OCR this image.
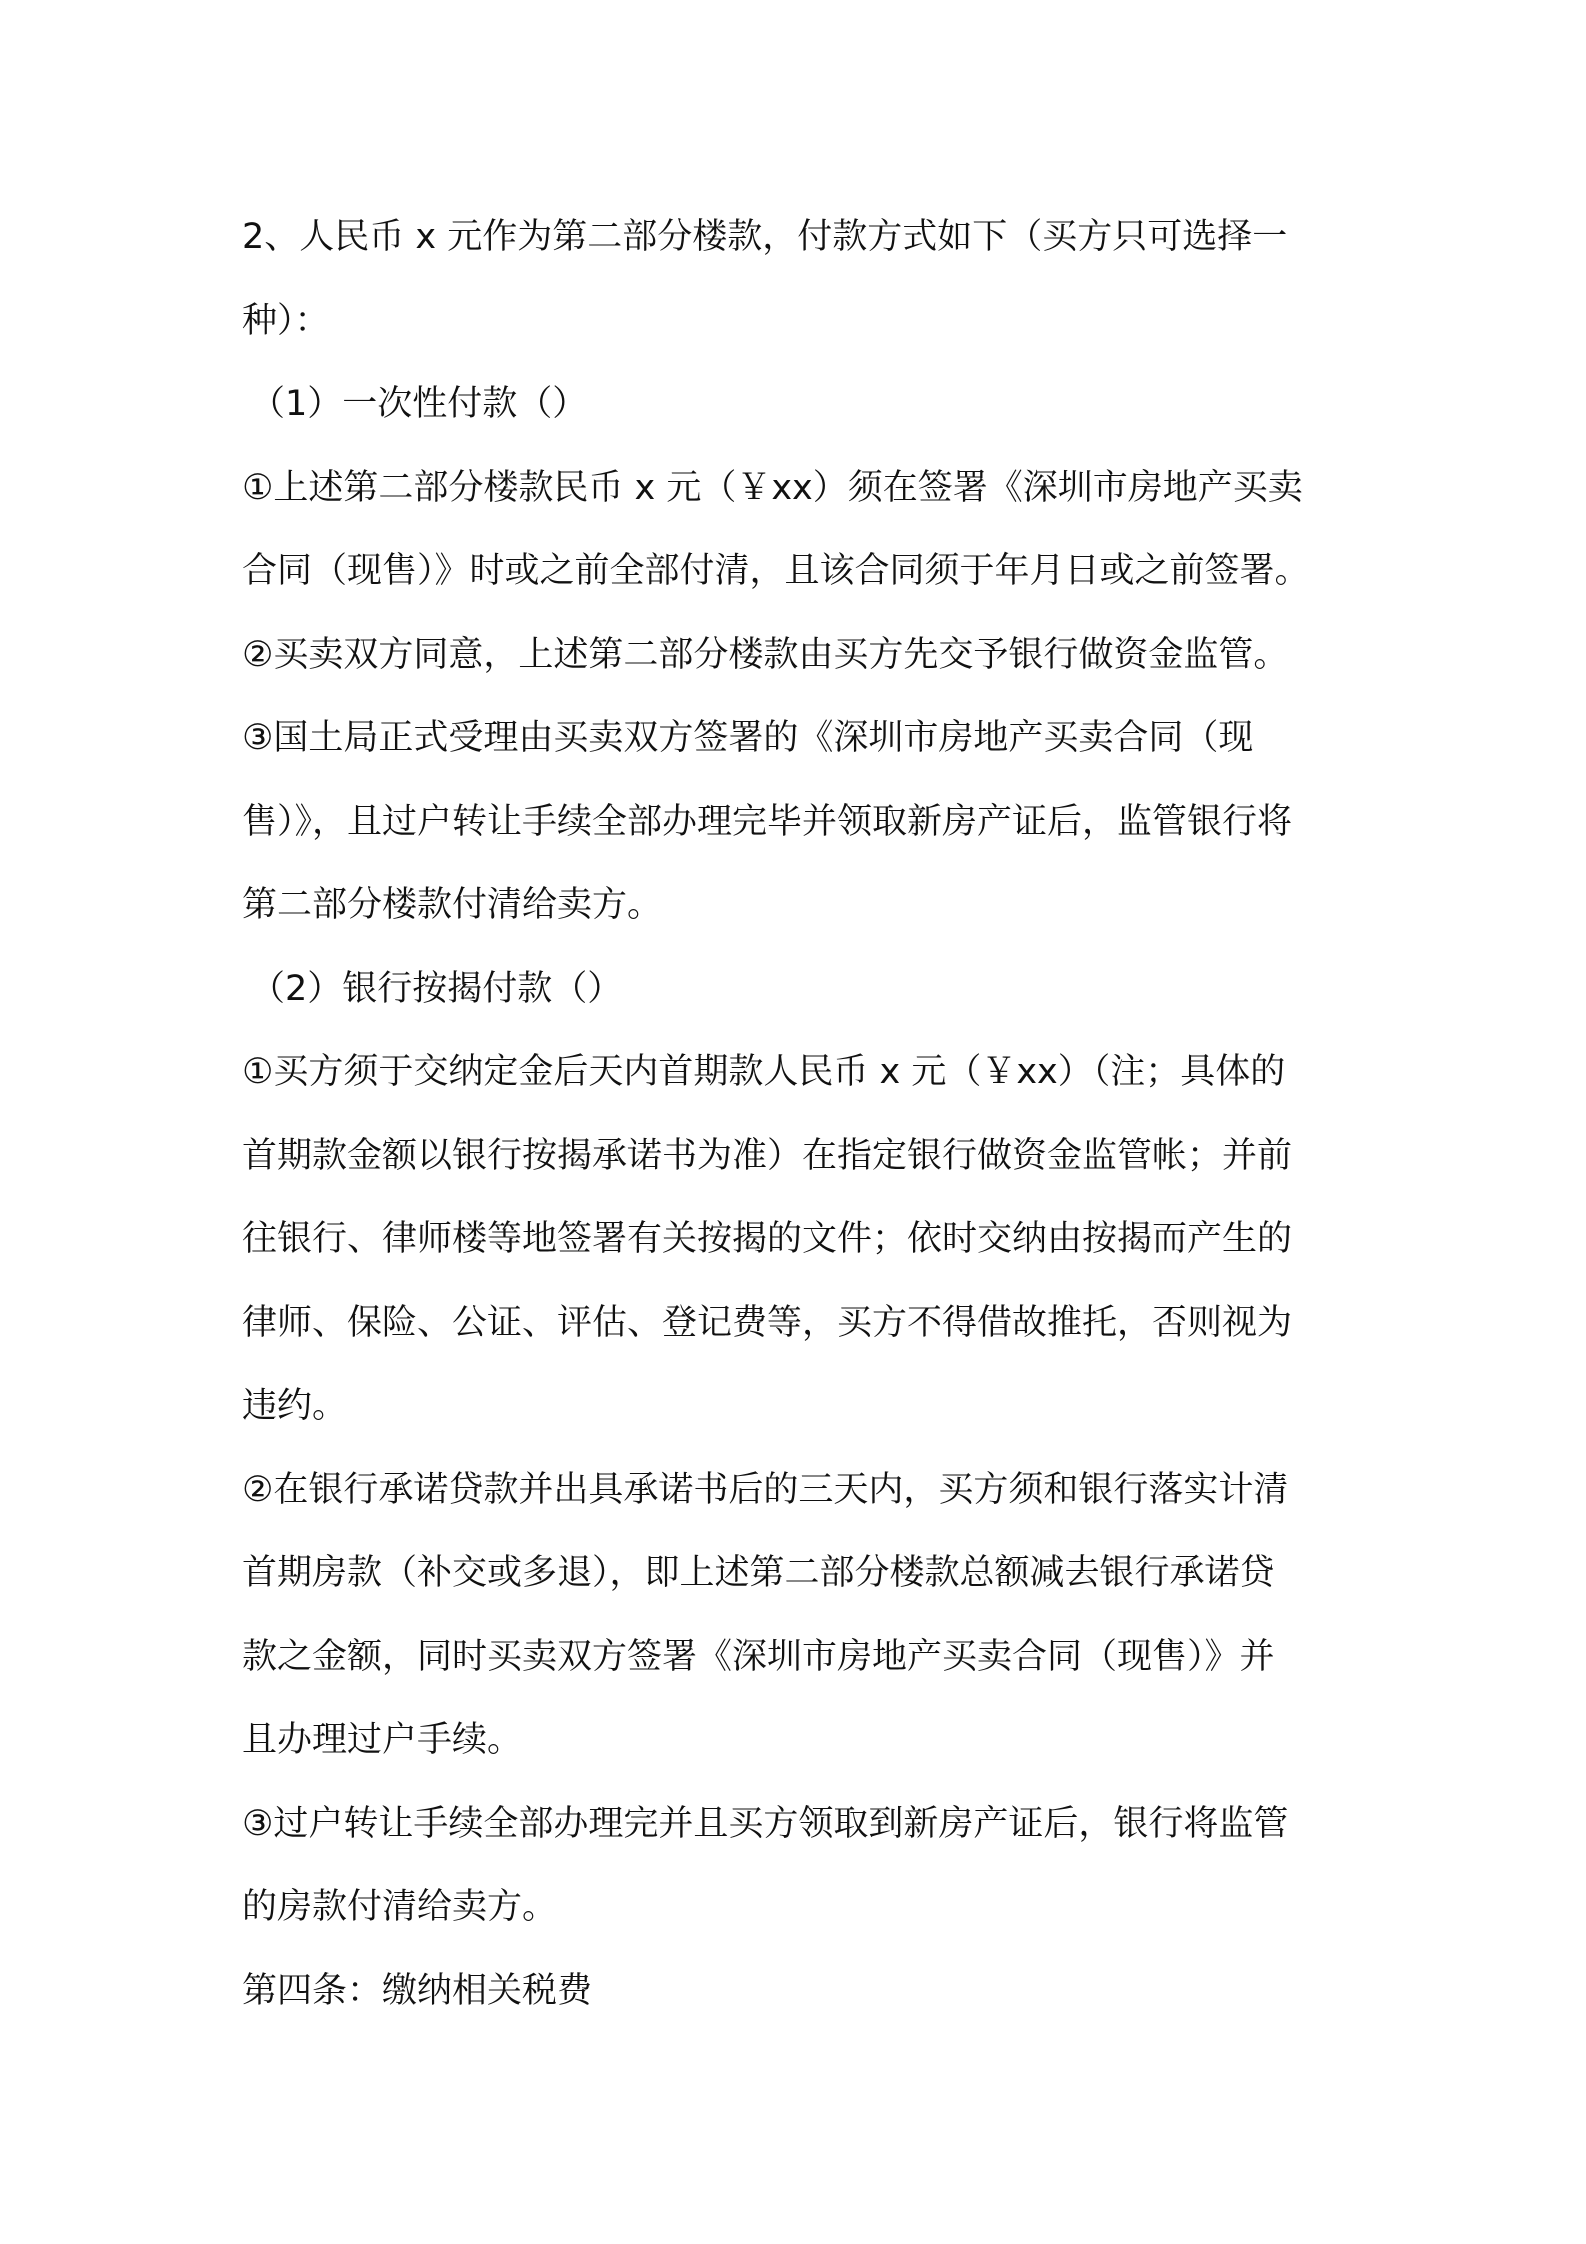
2、人民币 x 元作为第二部分楼款，付款方式如下（买方只可选择一

种）：

（1）一次性付款（）

①上述第二部分楼款民币 x 元（￥xx）须在签署《深圳市房地产买卖

合同（现售）》时或之前全部付清，且该合同须于年月日或之前签署。

②买卖双方同意，上述第二部分楼款由买方先交予银行做资金监管。

③国土局正式受理由买卖双方签署的《深圳市房地产买卖合同（现

售）》，且过户转让手续全部办理完毕并领取新房产证后，监管银行将

第二部分楼款付清给卖方。

（2）银行按揭付款（）

①买方须于交纳定金后天内首期款人民币 x 元（￥xx）（注；具体的

首期款金额以银行按揭承诺书为准）在指定银行做资金监管帐；并前

往银行、律师楼等地签署有关按揭的文件；依时交纳由按揭而产生的

律师、保险、公证、评估、登记费等，买方不得借故推托，否则视为

违约。

②在银行承诺贷款并出具承诺书后的三天内，买方须和银行落实计清

首期房款（补交或多退），即上述第二部分楼款总额减去银行承诺贷

款之金额，同时买卖双方签署《深圳市房地产买卖合同（现售）》并

且办理过户手续。

③过户转让手续全部办理完并且买方领取到新房产证后，银行将监管

的房款付清给卖方。

第四条：缴纳相关税费
